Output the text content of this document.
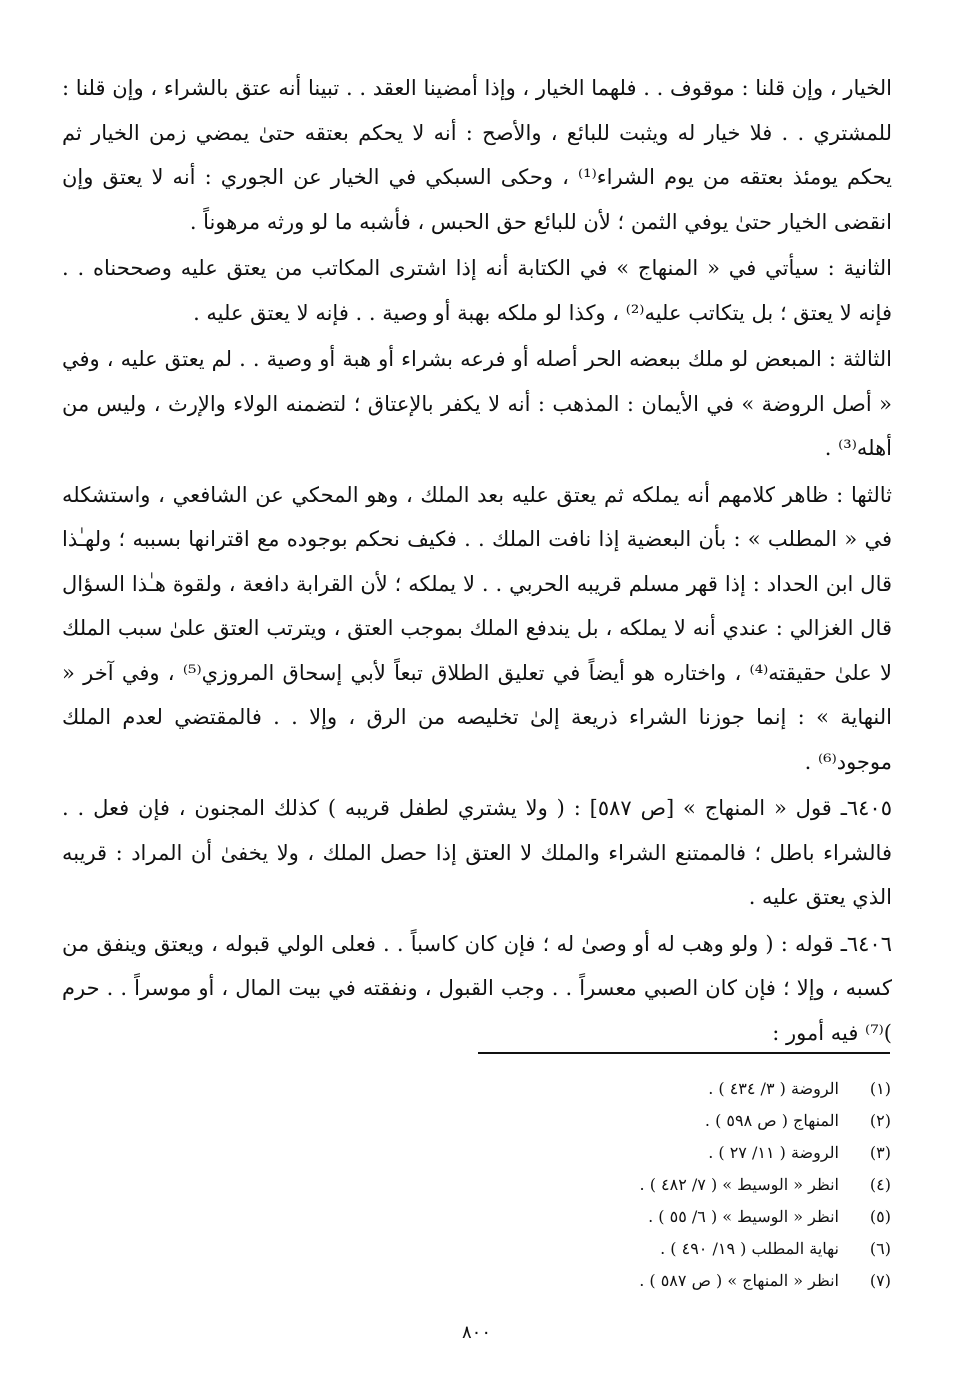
الخيار ، وإن قلنا : موقوف . . فلهما الخيار ، وإذا أمضينا العقد . . تبينا أنه عتق بالشراء ، وإن قلنا : للمشتري . . فلا خيار له ويثبت للبائع ، والأصح : أنه لا يحكم بعتقه حتىٰ يمضي زمن الخيار ثم يحكم يومئذ بعتقه من يوم الشراء⁽¹⁾ ، وحكى السبكي في الخيار عن الجوري : أنه لا يعتق وإن انقضى الخيار حتىٰ يوفي الثمن ؛ لأن للبائع حق الحبس ، فأشبه ما لو ورثه مرهوناً .

الثانية : سيأتي في « المنهاج » في الكتابة أنه إذا اشترى المكاتب من يعتق عليه وصححناه . . فإنه لا يعتق ؛ بل يتكاتب عليه⁽²⁾ ، وكذا لو ملكه بهبة أو وصية . . فإنه لا يعتق عليه .

الثالثة : المبعض لو ملك ببعضه الحر أصله أو فرعه بشراء أو هبة أو وصية . . لم يعتق عليه ، وفي « أصل الروضة » في الأيمان : المذهب : أنه لا يكفر بالإعتاق ؛ لتضمنه الولاء والإرث ، وليس من أهله⁽³⁾ .

ثالثها : ظاهر كلامهم أنه يملكه ثم يعتق عليه بعد الملك ، وهو المحكي عن الشافعي ، واستشكله في « المطلب » : بأن البعضية إذا نافت الملك . . فكيف نحكم بوجوده مع اقترانها بسببه ؛ ولهـٰذا قال ابن الحداد : إذا قهر مسلم قريبه الحربي . . لا يملكه ؛ لأن القرابة دافعة ، ولقوة هـٰذا السؤال قال الغزالي : عندي أنه لا يملكه ، بل يندفع الملك بموجب العتق ، ويترتب العتق علىٰ سبب الملك لا علىٰ حقيقته⁽⁴⁾ ، واختاره هو أيضاً في تعليق الطلاق تبعاً لأبي إسحاق المروزي⁽⁵⁾ ، وفي آخر « النهاية » : إنما جوزنا الشراء ذريعة إلىٰ تخليصه من الرق ، وإلا . . فالمقتضي لعدم الملك موجود⁽⁶⁾ .

٦٤٠٥ـ قول « المنهاج » [ص ٥٨٧] : ( ولا يشتري لطفل قريبه ) كذلك المجنون ، فإن فعل . . فالشراء باطل ؛ فالممتنع الشراء والملك لا العتق إذا حصل الملك ، ولا يخفىٰ أن المراد : قريبه الذي يعتق عليه .

٦٤٠٦ـ قوله : ( ولو وهب له أو وصىٰ له ؛ فإن كان كاسباً . . فعلى الولي قبوله ، ويعتق وينفق من كسبه ، وإلا ؛ فإن كان الصبي معسراً . . وجب القبول ، ونفقته في بيت المال ، أو موسراً . . حرم )⁽⁷⁾ فيه أمور :

(١)
الروضة ( ٣/ ٤٣٤ ) .
(٢)
المنهاج ( ص ٥٩٨ ) .
(٣)
الروضة ( ١١/ ٢٧ ) .
(٤)
انظر « الوسيط » ( ٧/ ٤٨٢ ) .
(٥)
انظر « الوسيط » ( ٦/ ٥٥ ) .
(٦)
نهاية المطلب ( ١٩/ ٤٩٠ ) .
(٧)
انظر « المنهاج » ( ص ٥٨٧ ) .
٨٠٠
